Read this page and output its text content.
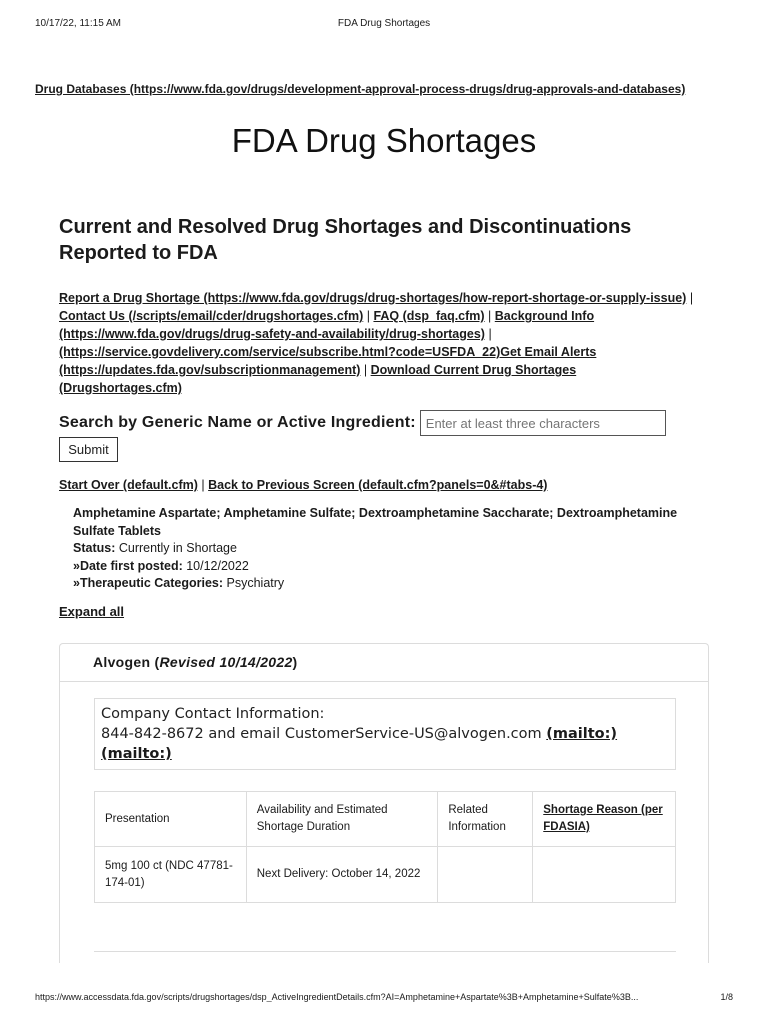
10/17/22, 11:15 AM	FDA Drug Shortages
Drug Databases (https://www.fda.gov/drugs/development-approval-process-drugs/drug-approvals-and-databases)
FDA Drug Shortages
Current and Resolved Drug Shortages and Discontinuations Reported to FDA
Report a Drug Shortage (https://www.fda.gov/drugs/drug-shortages/how-report-shortage-or-supply-issue) | Contact Us (/scripts/email/cder/drugshortages.cfm) | FAQ (dsp_faq.cfm) | Background Info (https://www.fda.gov/drugs/drug-safety-and-availability/drug-shortages) | (https://service.govdelivery.com/service/subscribe.html?code=USFDA_22)Get Email Alerts (https://updates.fda.gov/subscriptionmanagement) | Download Current Drug Shortages (Drugshortages.cfm)
Search by Generic Name or Active Ingredient:
Enter at least three characters
Submit
Start Over (default.cfm) | Back to Previous Screen (default.cfm?panels=0&#tabs-4)
Amphetamine Aspartate; Amphetamine Sulfate; Dextroamphetamine Saccharate; Dextroamphetamine Sulfate Tablets
Status: Currently in Shortage
»Date first posted: 10/12/2022
»Therapeutic Categories: Psychiatry
Expand all
Alvogen (Revised 10/14/2022)
Company Contact Information:
844-842-8672 and email CustomerService-US@alvogen.com (mailto:)
(mailto:)
Presentation	Availability and Estimated Shortage Duration	Related Information	Shortage Reason (per FDASIA)
5mg 100 ct (NDC 47781-174-01)	Next Delivery: October 14, 2022		
https://www.accessdata.fda.gov/scripts/drugshortages/dsp_ActiveIngredientDetails.cfm?AI=Amphetamine+Aspartate%3B+Amphetamine+Sulfate%3B...	1/8
